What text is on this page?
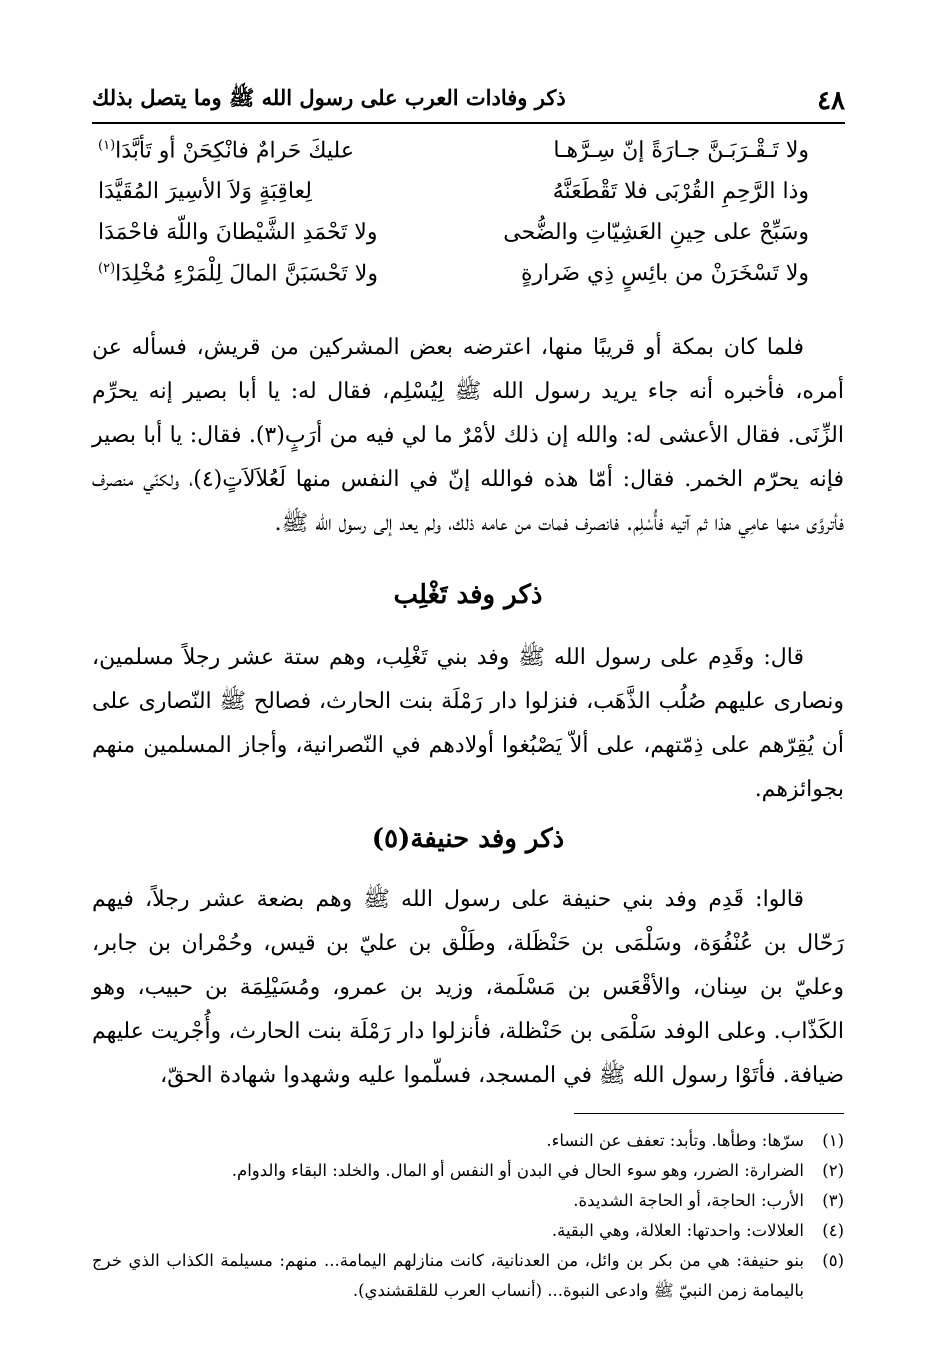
٤٨
ذكر وفادات العرب على رسول الله ﷺ وما يتصل بذلك
ولا تَـقْـرَبَـنَّ جـارَةً إنّ سِـرَّهـا
عليكَ حَرامٌ فانْكِحَنْ أو تَأبَّدَا$^{(١)}$
وذا الرَّحِمِ القُرْبَى فلا تَقْطَعَنَّهُ
لِعاقِبَةٍ وَلاَ الأسِيرَ المُقَيَّدَا
وسَبِّحْ على حِينِ العَشِيّاتِ والضُّحى
ولا تَحْمَدِ الشَّيْطانَ واللّهَ فاحْمَدَا
ولا تَسْخَرَنْ من بائِسٍ ذِي ضَرارةٍ
ولا تَحْسَبَنَّ المالَ لِلْمَرْءِ مُخْلِدَا$^{(٢)}$

فلما كان بمكة أو قريبًا منها، اعترضه بعض المشركين من قريش، فسأله عن أمره، فأخبره أنه جاء يريد رسول الله ﷺ لِيُسْلِم، فقال له: يا أبا بصير إنه يحرِّم الزِّنَى. فقال الأعشى له: والله إن ذلك لأمْرٌ ما لي فيه من أرَبٍ(٣). فقال: يا أبا بصير فإنه يحرّم الخمر. فقال: أمّا هذه فوالله إنّ في النفس منها لَعُلاَلاَتٍ(٤)، ولكنّي منصرف فأتروَّى منها عامِي هذا ثم آتيه فأُسْلِم. فانصرف فمات من عامه ذلك، ولم يعد إلى رسول الله ﷺ.

ذكر وفد تَغْلِب

قال: وقَدِم على رسول الله ﷺ وفد بني تَغْلِب، وهم ستة عشر رجلاً مسلمين، ونصارى عليهم صُلُب الذَّهَب، فنزلوا دار رَمْلَة بنت الحارث، فصالح ﷺ النّصارى على أن يُقِرّهم على ذِمّتهم، على ألاّ يَصْبُغوا أولادهم في النّصرانية، وأجاز المسلمين منهم بجوائزهم.

ذكر وفد حنيفة(٥)

قالوا: قَدِم وفد بني حنيفة على رسول الله ﷺ وهم بضعة عشر رجلاً، فيهم رَحّال بن عُنْفُوَة، وسَلْمَى بن حَنْظَلة، وطَلْق بن عليّ بن قيس، وحُمْران بن جابر، وعليّ بن سِنان، والأقْعَس بن مَسْلَمة، وزيد بن عمرو، ومُسَيْلِمَة بن حبيب، وهو الكَذّاب. وعلى الوفد سَلْمَى بن حَنْظلة، فأنزلوا دار رَمْلَة بنت الحارث، وأُجْريت عليهم ضيافة. فأتَوْا رسول الله ﷺ في المسجد، فسلّموا عليه وشهدوا شهادة الحقّ،

(١)
سرّها: وطأها. وتأبد: تعفف عن النساء.
(٢)
الضرارة: الضرر، وهو سوء الحال في البدن أو النفس أو المال. والخلد: البقاء والدوام.
(٣)
الأرب: الحاجة، أو الحاجة الشديدة.
(٤)
العلالات: واحدتها: العلالة، وهي البقية.
(٥)
بنو حنيفة: هي من بكر بن وائل، من العدنانية، كانت منازلهم اليمامة... منهم: مسيلمة الكذاب الذي خرج باليمامة زمن النبيّ ﷺ وادعى النبوة... (أنساب العرب للقلقشندي).
